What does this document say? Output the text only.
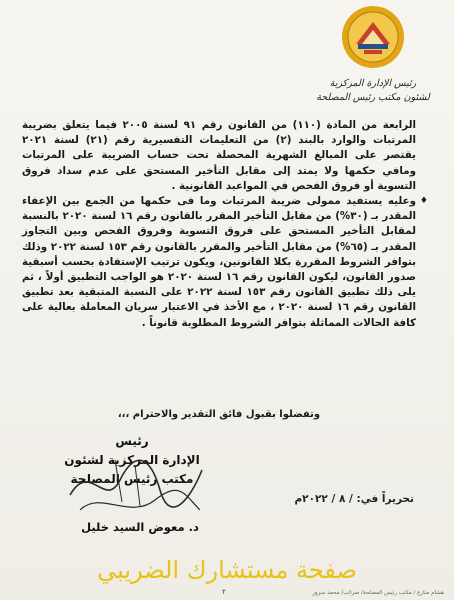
رئيس الإدارة المركزية
لشئون مكتب رئيس المصلحة

الرابعة من المادة (١١٠) من القانون رقم ٩١ لسنة ٢٠٠٥ فيما يتعلق بضريبة المرتبات والوارد بالبند (٢) من التعليمات التفسيرية رقم (٢١) لسنة ٢٠٢١ يقتصر على المبالغ الشهرية المحصلة تحت حساب الضريبة على المرتبات ومافي حكمها ولا يمتد إلى مقابل التأخير المستحق على عدم سداد فروق التسوية أو فروق الفحص في المواعيد القانونية .

♦
وعليه يستفيد ممولى ضريبة المرتبات وما فى حكمها من الجمع بين الإعفاء المقدر بـ (٣٠%) من مقابل التأخير المقرر بالقانون رقم ١٦ لسنة ٢٠٢٠ بالنسبة لمقابل التأخير المستحق على فروق التسوية وفروق الفحص وبين التجاوز المقدر بـ (٦٥%) من مقابل التأخير والمقرر بالقانون رقم ١٥٣ لسنة ٢٠٢٢ وذلك بتوافر الشروط المقررة بكلا القانونين، ويكون ترتيب الإستفادة بحسب أسبقية صدور القانون، ليكون القانون رقم ١٦ لسنة ٢٠٢٠ هو الواجب التطبيق أولاً ، ثم يلى ذلك تطبيق القانون رقم ١٥٣ لسنة ٢٠٢٢ على النسبة المتبقية بعد تطبيق القانون رقم ١٦ لسنة ٢٠٢٠ ، مع الأخذ في الاعتبار سريان المعاملة بعالية على كافة الحالات المماثلة بتوافر الشروط المطلوبة قانوناً .

وتفضلوا بقبول فائق التقدير والاحترام ،،،
رئيس
الإدارة المركزية لشئون
مكتب رئيس المصلحة
د. معوض السيد خليل
تحريراً في: / ٨ / ٢٠٢٢م
صفحة مستشارك الضريبي
٢	هشام منازع / مكتب رئيس المصلحة/ ضرائب/ محمد سرور
